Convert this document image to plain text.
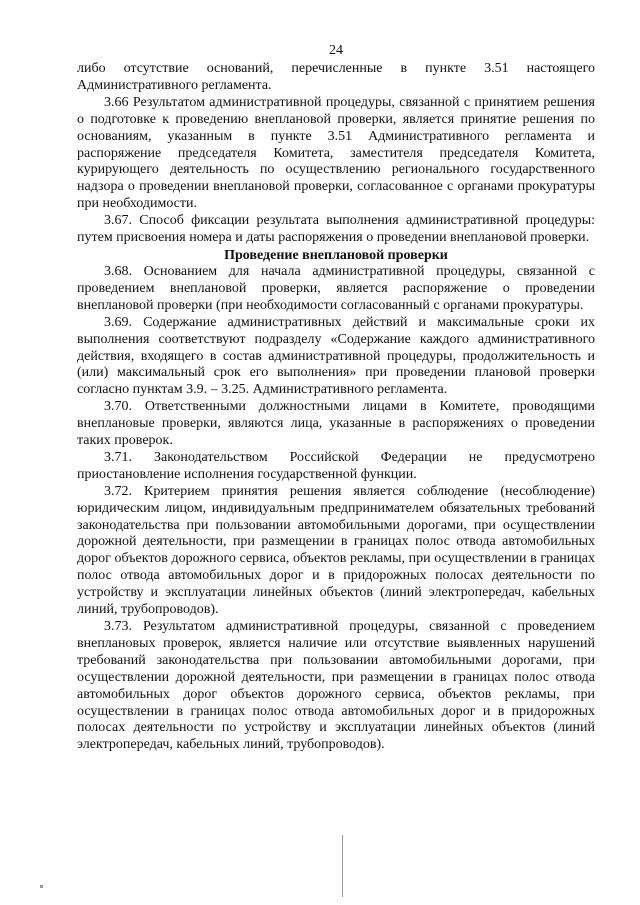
24

либо отсутствие оснований, перечисленные в пункте 3.51 настоящего Административного регламента.

3.66 Результатом административной процедуры, связанной с принятием решения о подготовке к проведению внеплановой проверки, является принятие решения по основаниям, указанным в пункте 3.51 Административного регламента и распоряжение председателя Комитета, заместителя председателя Комитета, курирующего деятельность по осуществлению регионального государственного надзора о проведении внеплановой проверки, согласованное с органами прокуратуры при необходимости.

3.67. Способ фиксации результата выполнения административной процедуры: путем присвоения номера и даты распоряжения о проведении внеплановой проверки.

Проведение внеплановой проверки

3.68. Основанием для начала административной процедуры, связанной с проведением внеплановой проверки, является распоряжение о проведении внеплановой проверки (при необходимости согласованный с органами прокуратуры.

3.69. Содержание административных действий и максимальные сроки их выполнения соответствуют подразделу «Содержание каждого административного действия, входящего в состав административной процедуры, продолжительность и (или) максимальный срок его выполнения» при проведении плановой проверки согласно пунктам 3.9. – 3.25. Административного регламента.

3.70. Ответственными должностными лицами в Комитете, проводящими внеплановые проверки, являются лица, указанные в распоряжениях о проведении таких проверок.

3.71. Законодательством Российской Федерации не предусмотрено приостановление исполнения государственной функции.

3.72. Критерием принятия решения является соблюдение (несоблюдение) юридическим лицом, индивидуальным предпринимателем обязательных требований законодательства при пользовании автомобильными дорогами, при осуществлении дорожной деятельности, при размещении в границах полос отвода автомобильных дорог объектов дорожного сервиса, объектов рекламы, при осуществлении в границах полос отвода автомобильных дорог и в придорожных полосах деятельности по устройству и эксплуатации линейных объектов (линий электропередач, кабельных линий, трубопроводов).

3.73. Результатом административной процедуры, связанной с проведением внеплановых проверок, является наличие или отсутствие выявленных нарушений требований законодательства при пользовании автомобильными дорогами, при осуществлении дорожной деятельности, при размещении в границах полос отвода автомобильных дорог объектов дорожного сервиса, объектов рекламы, при осуществлении в границах полос отвода автомобильных дорог и в придорожных полосах деятельности по устройству и эксплуатации линейных объектов (линий электропередач, кабельных линий, трубопроводов).
